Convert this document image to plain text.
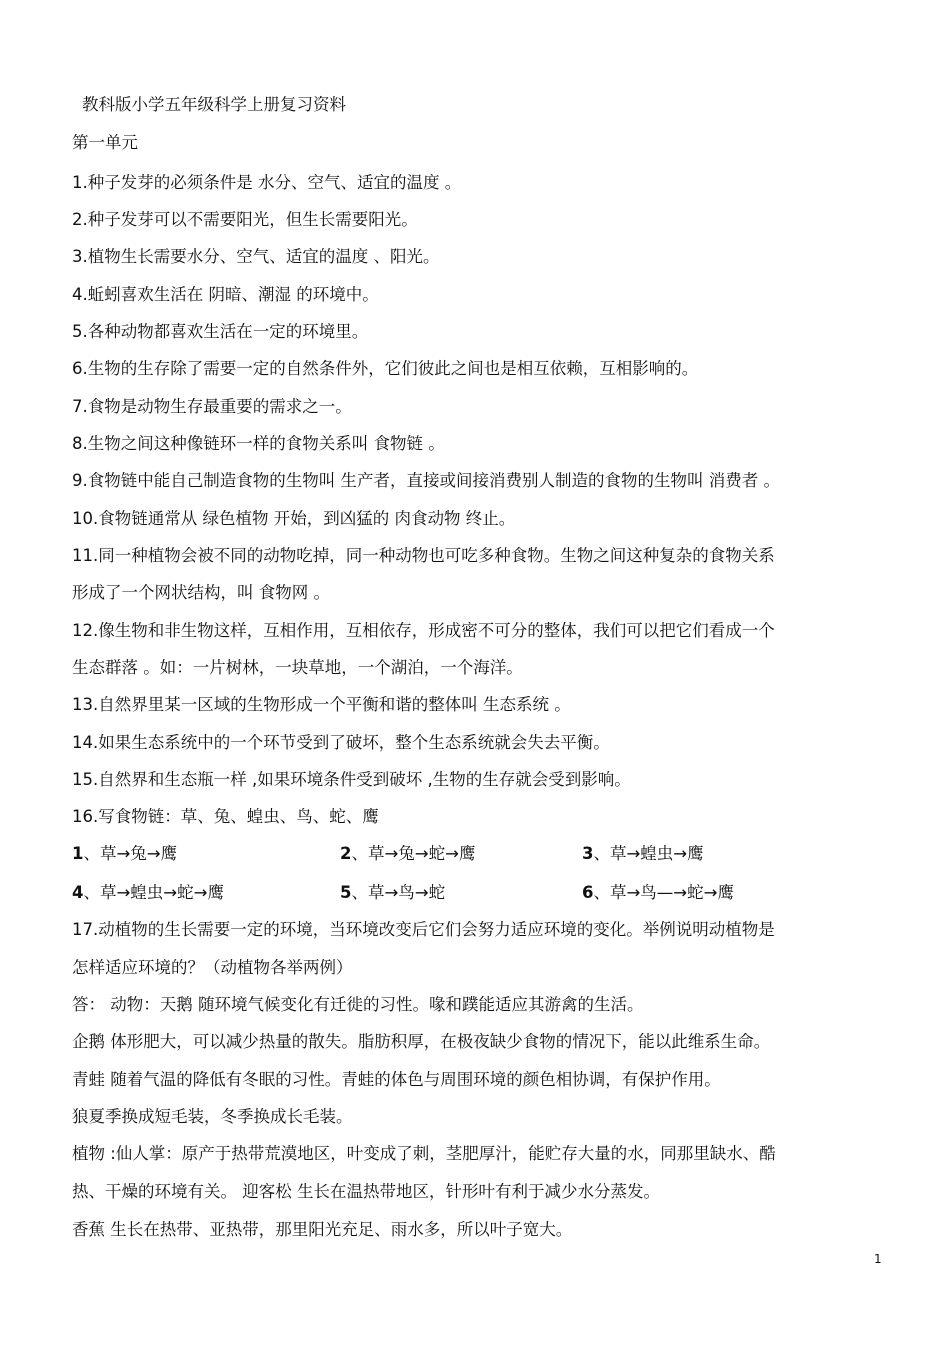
教科版小学五年级科学上册复习资料
第一单元
1.种子发芽的必须条件是 水分、空气、适宜的温度 。
2.种子发芽可以不需要阳光，但生长需要阳光。
3.植物生长需要水分、空气、适宜的温度 、阳光。
4.蚯蚓喜欢生活在 阴暗、潮湿 的环境中。
5.各种动物都喜欢生活在一定的环境里。
6.生物的生存除了需要一定的自然条件外，它们彼此之间也是相互依赖，互相影响的。
7.食物是动物生存最重要的需求之一。
8.生物之间这种像链环一样的食物关系叫 食物链 。
9.食物链中能自己制造食物的生物叫 生产者，直接或间接消费别人制造的食物的生物叫 消费者 。
10.食物链通常从 绿色植物 开始，到凶猛的 肉食动物 终止。
11.同一种植物会被不同的动物吃掉，同一种动物也可吃多种食物。生物之间这种复杂的食物关系
形成了一个网状结构，叫 食物网 。
12.像生物和非生物这样，互相作用，互相依存，形成密不可分的整体，我们可以把它们看成一个
生态群落 。如：一片树林，一块草地，一个湖泊，一个海洋。
13.自然界里某一区域的生物形成一个平衡和谐的整体叫 生态系统 。
14.如果生态系统中的一个环节受到了破坏，整个生态系统就会失去平衡。
15.自然界和生态瓶一样 ,如果环境条件受到破坏 ,生物的生存就会受到影响。
16.写食物链：草、兔、蝗虫、鸟、蛇、鹰
1、草→兔→鹰	2、草→兔→蛇→鹰	3、草→蝗虫→鹰
4、草→蝗虫→蛇→鹰	5、草→鸟→蛇	6、草→鸟—→蛇→鹰
17.动植物的生长需要一定的环境，当环境改变后它们会努力适应环境的变化。举例说明动植物是
怎样适应环境的？（动植物各举两例）
答： 动物：天鹅 随环境气候变化有迁徙的习性。喙和蹼能适应其游禽的生活。
企鹅 体形肥大，可以减少热量的散失。脂肪积厚，在极夜缺少食物的情况下，能以此维系生命。
青蛙 随着气温的降低有冬眠的习性。青蛙的体色与周围环境的颜色相协调，有保护作用。
狼夏季换成短毛装，冬季换成长毛装。
植物 :仙人掌：原产于热带荒漠地区，叶变成了刺，茎肥厚汁，能贮存大量的水，同那里缺水、酷
热、干燥的环境有关。 迎客松 生长在温热带地区，针形叶有利于减少水分蒸发。
香蕉 生长在热带、亚热带，那里阳光充足、雨水多，所以叶子宽大。
1
